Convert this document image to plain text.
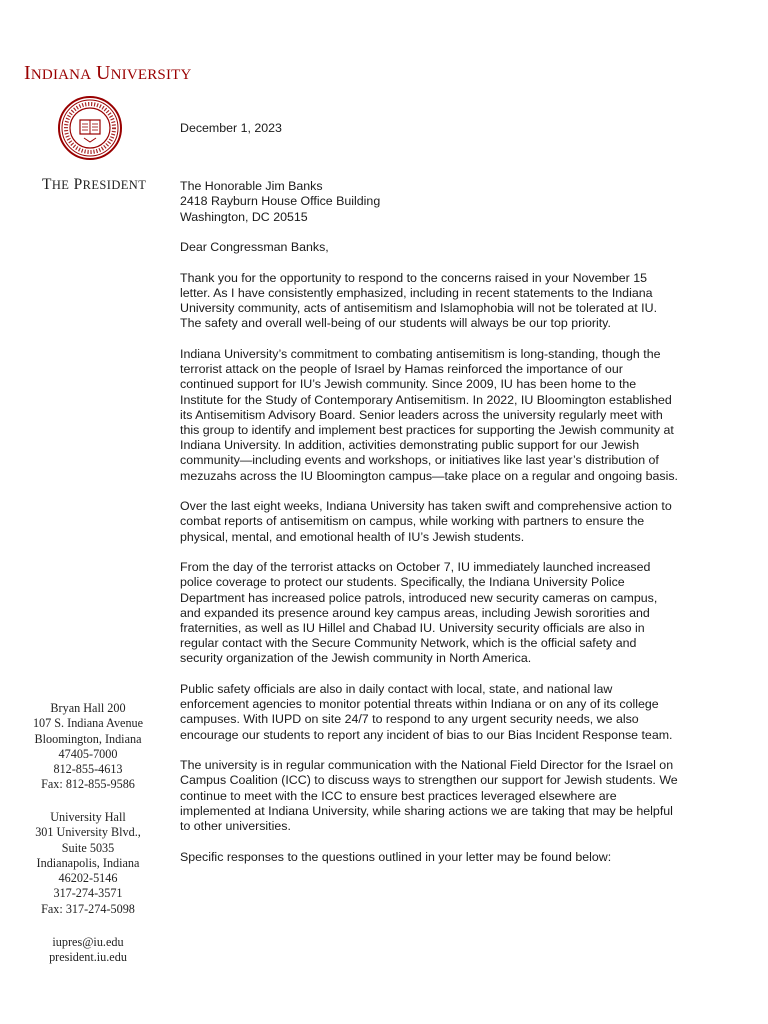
INDIANA UNIVERSITY
THE PRESIDENT
Bryan Hall 200
107 S. Indiana Avenue
Bloomington, Indiana
47405-7000
812-855-4613
Fax: 812-855-9586
University Hall
301 University Blvd.,
Suite 5035
Indianapolis, Indiana
46202-5146
317-274-3571
Fax: 317-274-5098
iupres@iu.edu
president.iu.edu
December 1, 2023
The Honorable Jim Banks
2418 Rayburn House Office Building
Washington, DC 20515
Dear Congressman Banks,

Thank you for the opportunity to respond to the concerns raised in your November 15 letter. As I have consistently emphasized, including in recent statements to the Indiana University community, acts of antisemitism and Islamophobia will not be tolerated at IU. The safety and overall well-being of our students will always be our top priority.

Indiana University’s commitment to combating antisemitism is long-standing, though the terrorist attack on the people of Israel by Hamas reinforced the importance of our continued support for IU’s Jewish community. Since 2009, IU has been home to the Institute for the Study of Contemporary Antisemitism. In 2022, IU Bloomington established its Antisemitism Advisory Board. Senior leaders across the university regularly meet with this group to identify and implement best practices for supporting the Jewish community at Indiana University. In addition, activities demonstrating public support for our Jewish community—including events and workshops, or initiatives like last year’s distribution of mezuzahs across the IU Bloomington campus—take place on a regular and ongoing basis.

Over the last eight weeks, Indiana University has taken swift and comprehensive action to combat reports of antisemitism on campus, while working with partners to ensure the physical, mental, and emotional health of IU’s Jewish students.

From the day of the terrorist attacks on October 7, IU immediately launched increased police coverage to protect our students. Specifically, the Indiana University Police Department has increased police patrols, introduced new security cameras on campus, and expanded its presence around key campus areas, including Jewish sororities and fraternities, as well as IU Hillel and Chabad IU. University security officials are also in regular contact with the Secure Community Network, which is the official safety and security organization of the Jewish community in North America.

Public safety officials are also in daily contact with local, state, and national law enforcement agencies to monitor potential threats within Indiana or on any of its college campuses. With IUPD on site 24/7 to respond to any urgent security needs, we also encourage our students to report any incident of bias to our Bias Incident Response team.

The university is in regular communication with the National Field Director for the Israel on Campus Coalition (ICC) to discuss ways to strengthen our support for Jewish students. We continue to meet with the ICC to ensure best practices leveraged elsewhere are implemented at Indiana University, while sharing actions we are taking that may be helpful to other universities.

Specific responses to the questions outlined in your letter may be found below:
